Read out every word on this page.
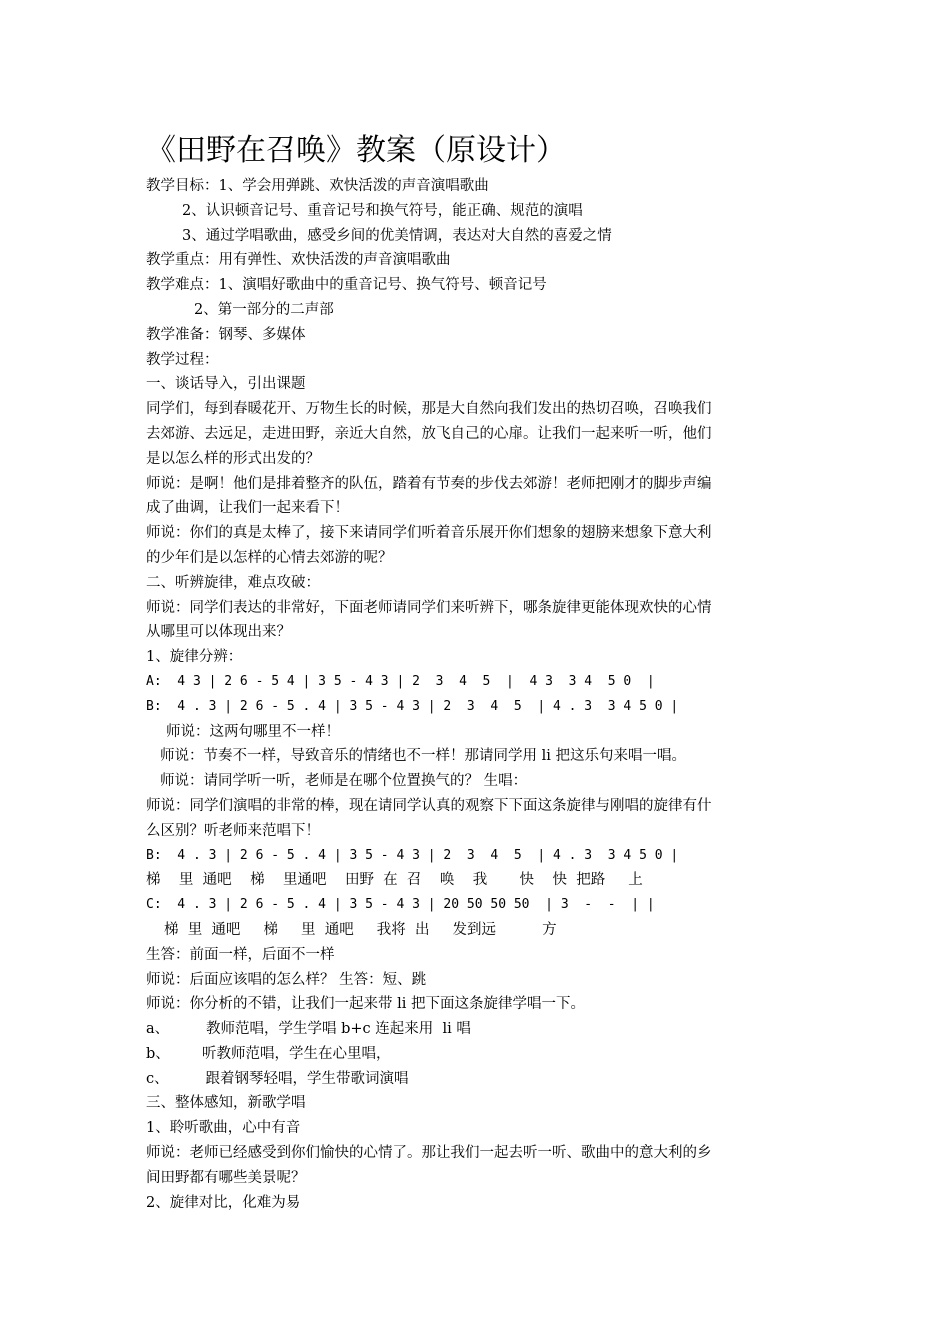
《田野在召唤》教案（原设计）
教学目标：1、学会用弹跳、欢快活泼的声音演唱歌曲
2、认识顿音记号、重音记号和换气符号，能正确、规范的演唱
3、通过学唱歌曲，感受乡间的优美情调，表达对大自然的喜爱之情
教学重点：用有弹性、欢快活泼的声音演唱歌曲
教学难点：1、演唱好歌曲中的重音记号、换气符号、顿音记号
2、第一部分的二声部
教学准备：钢琴、多媒体
教学过程：
一、谈话导入，引出课题
同学们，每到春暖花开、万物生长的时候，那是大自然向我们发出的热切召唤，召唤我们
去郊游、去远足，走进田野，亲近大自然，放飞自己的心扉。让我们一起来听一听，他们
是以怎么样的形式出发的？
师说：是啊！他们是排着整齐的队伍，踏着有节奏的步伐去郊游！老师把刚才的脚步声编
成了曲调，让我们一起来看下！
师说：你们的真是太棒了，接下来请同学们听着音乐展开你们想象的翅膀来想象下意大利
的少年们是以怎样的心情去郊游的呢？
二、听辨旋律，难点攻破：
师说：同学们表达的非常好，下面老师请同学们来听辨下，哪条旋律更能体现欢快的心情
从哪里可以体现出来？
1、旋律分辨：
A:  4 3 | 2 6 - 5 4 | 3 5 - 4 3 | 2  3  4  5  |  4 3  3 4  5 0  |
B:  4 . 3 | 2 6 - 5 . 4 | 3 5 - 4 3 | 2  3  4  5  | 4 . 3  3 4 5 0 |
师说：这两句哪里不一样！
师说：节奏不一样，导致音乐的情绪也不一样！那请同学用 li 把这乐句来唱一唱。
师说：请同学听一听，老师是在哪个位置换气的？ 生唱：
师说：同学们演唱的非常的棒，现在请同学认真的观察下下面这条旋律与刚唱的旋律有什
么区别？听老师来范唱下！
B:  4 . 3 | 2 6 - 5 . 4 | 3 5 - 4 3 | 2  3  4  5  | 4 . 3  3 4 5 0 |
梯    里  通吧    梯    里通吧    田野  在  召    唤    我       快    快  把路     上
C:  4 . 3 | 2 6 - 5 . 4 | 3 5 - 4 3 | 20 50 50 50  | 3  -  -  | |
梯  里  通吧     梯     里  通吧     我将  出     发到远          方
生答：前面一样，后面不一样
师说：后面应该唱的怎么样？ 生答：短、跳
师说：你分析的不错，让我们一起来带 li 把下面这条旋律学唱一下。
a、        教师范唱，学生学唱 b+c 连起来用  li 唱
b、       听教师范唱，学生在心里唱，
c、        跟着钢琴轻唱，学生带歌词演唱
三、整体感知，新歌学唱
1、聆听歌曲，心中有音
师说：老师已经感受到你们愉快的心情了。那让我们一起去听一听、歌曲中的意大利的乡
间田野都有哪些美景呢？
2、旋律对比，化难为易
